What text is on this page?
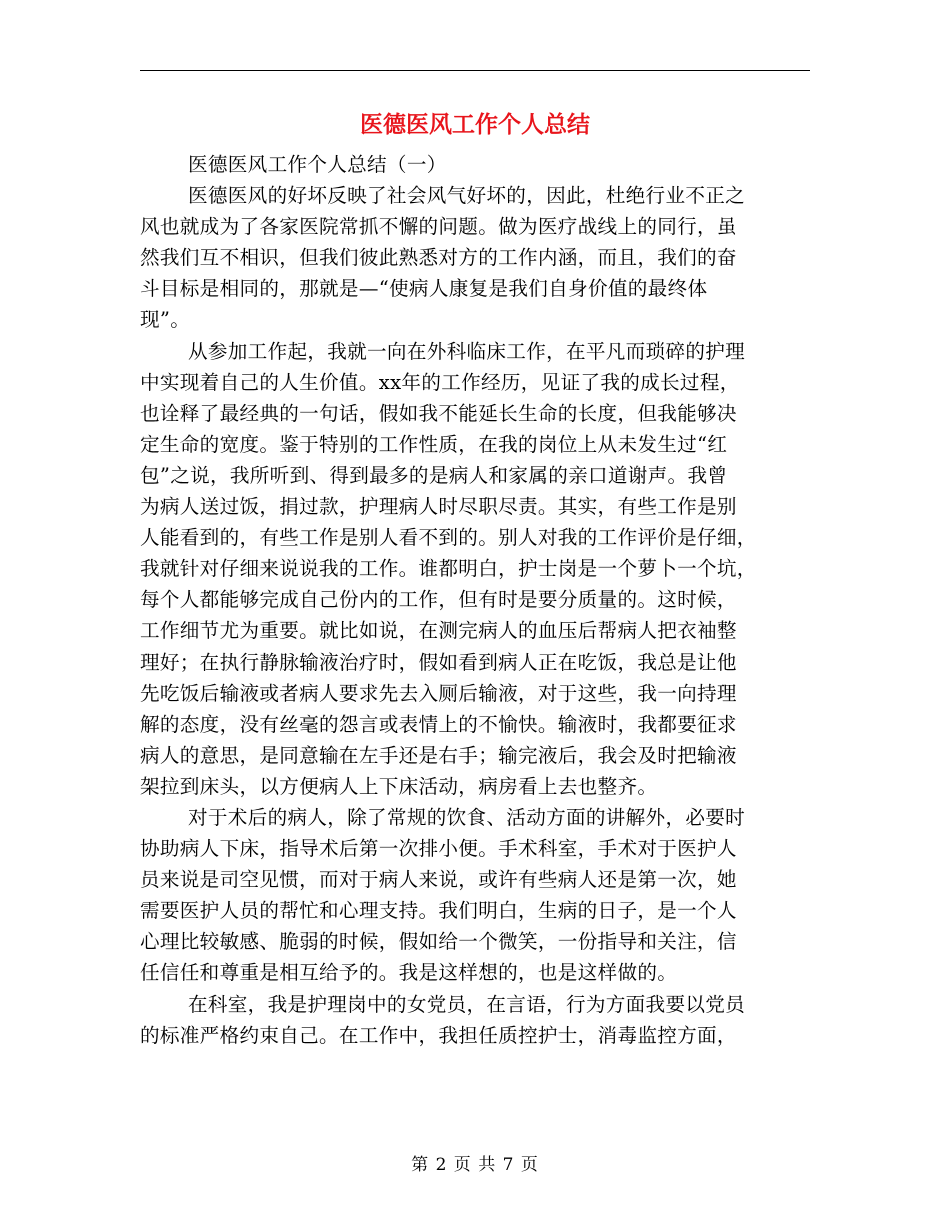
医德医风工作个人总结
医德医风工作个人总结（一）

医德医风的好坏反映了社会风气好坏的，因此，杜绝行业不正之
风也就成为了各家医院常抓不懈的问题。做为医疗战线上的同行，虽
然我们互不相识，但我们彼此熟悉对方的工作内涵，而且，我们的奋
斗目标是相同的，那就是—“使病人康复是我们自身价值的最终体
现”。

从参加工作起，我就一向在外科临床工作，在平凡而琐碎的护理
中实现着自己的人生价值。xx年的工作经历，见证了我的成长过程，
也诠释了最经典的一句话，假如我不能延长生命的长度，但我能够决
定生命的宽度。鉴于特别的工作性质，在我的岗位上从未发生过“红
包”之说，我所听到、得到最多的是病人和家属的亲口道谢声。我曾
为病人送过饭，捐过款，护理病人时尽职尽责。其实，有些工作是别
人能看到的，有些工作是别人看不到的。别人对我的工作评价是仔细，
我就针对仔细来说说我的工作。谁都明白，护士岗是一个萝卜一个坑，
每个人都能够完成自己份内的工作，但有时是要分质量的。这时候，
工作细节尤为重要。就比如说，在测完病人的血压后帮病人把衣袖整
理好；在执行静脉输液治疗时，假如看到病人正在吃饭，我总是让他
先吃饭后输液或者病人要求先去入厕后输液，对于这些，我一向持理
解的态度，没有丝毫的怨言或表情上的不愉快。输液时，我都要征求
病人的意思，是同意输在左手还是右手；输完液后，我会及时把输液
架拉到床头，以方便病人上下床活动，病房看上去也整齐。

对于术后的病人，除了常规的饮食、活动方面的讲解外，必要时
协助病人下床，指导术后第一次排小便。手术科室，手术对于医护人
员来说是司空见惯，而对于病人来说，或许有些病人还是第一次，她
需要医护人员的帮忙和心理支持。我们明白，生病的日子，是一个人
心理比较敏感、脆弱的时候，假如给一个微笑，一份指导和关注，信
任信任和尊重是相互给予的。我是这样想的，也是这样做的。

在科室，我是护理岗中的女党员，在言语，行为方面我要以党员
的标准严格约束自己。在工作中，我担任质控护士，消毒监控方面，

第 2 页 共 7 页
